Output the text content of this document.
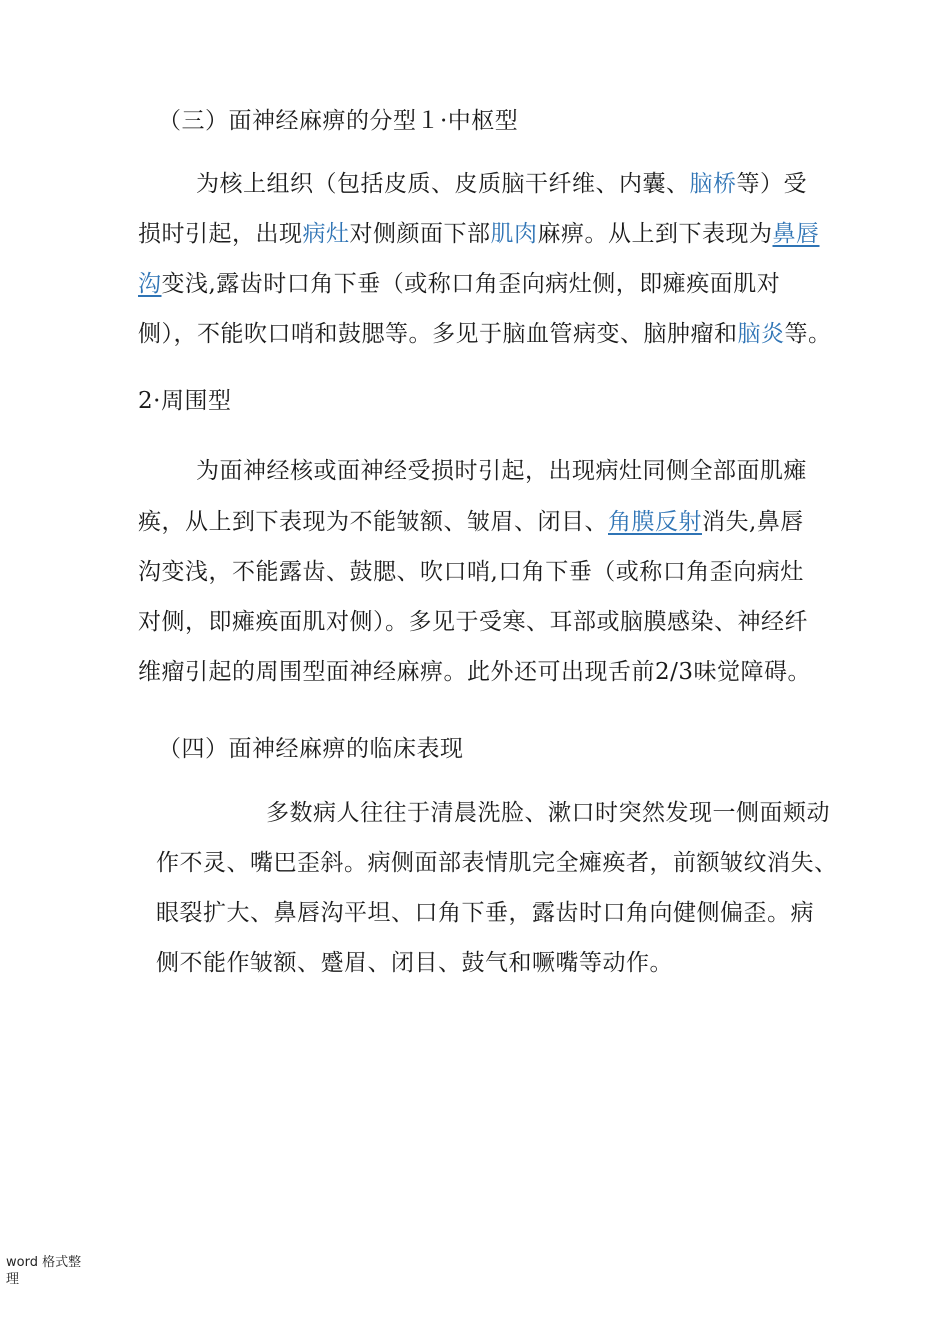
（三）面神经麻痹的分型１·中枢型
为核上组织（包括皮质、皮质脑干纤维、内囊、脑桥等）受
损时引起，出现病灶对侧颜面下部肌肉麻痹。从上到下表现为鼻唇
沟变浅,露齿时口角下垂（或称口角歪向病灶侧，即瘫痪面肌对
侧），不能吹口哨和鼓腮等。多见于脑血管病变、脑肿瘤和脑炎等。
2·周围型
为面神经核或面神经受损时引起，出现病灶同侧全部面肌瘫
痪，从上到下表现为不能皱额、皱眉、闭目、角膜反射消失,鼻唇
沟变浅，不能露齿、鼓腮、吹口哨,口角下垂（或称口角歪向病灶
对侧，即瘫痪面肌对侧）。多见于受寒、耳部或脑膜感染、神经纤
维瘤引起的周围型面神经麻痹。此外还可出现舌前2/3味觉障碍。
（四）面神经麻痹的临床表现
多数病人往往于清晨洗脸、漱口时突然发现一侧面颊动
作不灵、嘴巴歪斜。病侧面部表情肌完全瘫痪者，前额皱纹消失、
眼裂扩大、鼻唇沟平坦、口角下垂，露齿时口角向健侧偏歪。病
侧不能作皱额、蹙眉、闭目、鼓气和噘嘴等动作。
word 格式整理
